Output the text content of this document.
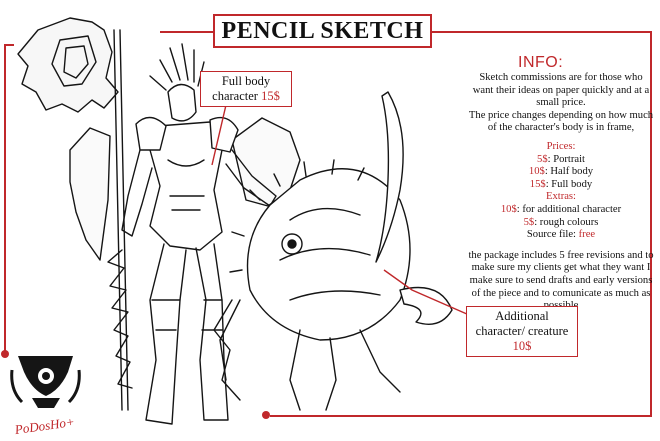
PENCIL SKETCH
INFO:

Sketch commissions are for those who want their ideas on paper quickly and at a small price.

The price changes depending on how much of the character's body is in frame,

Prices:

5$: Portrait

10$: Half body

15$: Full body

Extras:

10$: for additional character

5$: rough colours

Source file: free

the package includes 5 free revisions and to make sure my clients get what they want I make sure to send drafts and early versions of the piece and to comunicate as much as

Full body character 15$
Additional character/ creature 10$
PoDosHo+
